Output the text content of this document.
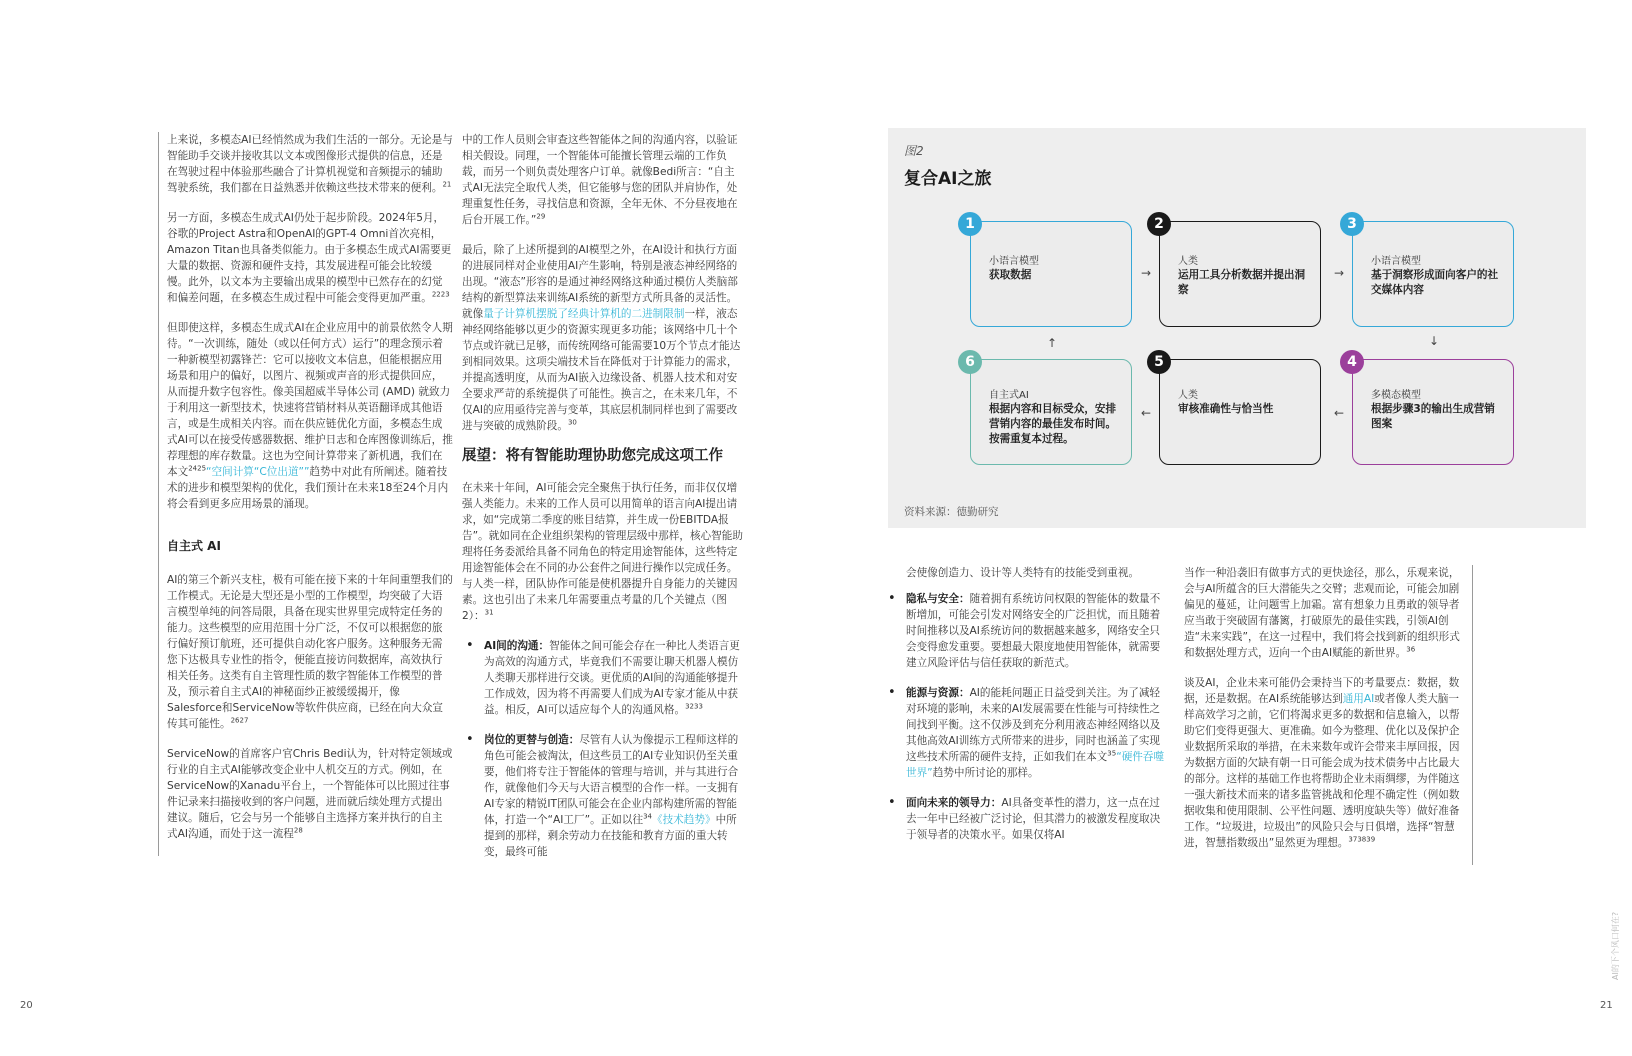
上来说，多模态AI已经悄然成为我们生活的一部分。无论是与智能助手交谈并接收其以文本或图像形式提供的信息，还是在驾驶过程中体验那些融合了计算机视觉和音频提示的辅助驾驶系统，我们都在日益熟悉并依赖这些技术带来的便利。$^{21}$

另一方面，多模态生成式AI仍处于起步阶段。2024年5月，谷歌的Project Astra和OpenAI的GPT-4 Omni首次亮相，Amazon Titan也具备类似能力。由于多模态生成式AI需要更大量的数据、资源和硬件支持，其发展进程可能会比较缓慢。此外，以文本为主要输出成果的模型中已然存在的幻觉和偏差问题，在多模态生成过程中可能会变得更加严重。$^{2223}$

但即使这样，多模态生成式AI在企业应用中的前景依然令人期待。“一次训练，随处（或以任何方式）运行”的理念预示着一种新模型初露锋芒：它可以接收文本信息，但能根据应用场景和用户的偏好，以图片、视频或声音的形式提供回应，从而提升数字包容性。像美国超威半导体公司 (AMD) 就致力于利用这一新型技术，快速将营销材料从英语翻译成其他语言，或是生成相关内容。而在供应链优化方面，多模态生成式AI可以在接受传感器数据、维护日志和仓库图像训练后，推荐理想的库存数量。这也为空间计算带来了新机遇，我们在本文$^{2425}$“空间计算“C位出道””趋势中对此有所阐述。随着技术的进步和模型架构的优化，我们预计在未来18至24个月内将会看到更多应用场景的涌现。

自主式 AI

AI的第三个新兴支柱，极有可能在接下来的十年间重塑我们的工作模式。无论是大型还是小型的工作模型，均突破了大语言模型单纯的问答局限，具备在现实世界里完成特定任务的能力。这些模型的应用范围十分广泛，不仅可以根据您的旅行偏好预订航班，还可提供自动化客户服务。这种服务无需您下达极具专业性的指令，便能直接访问数据库，高效执行相关任务。这类有自主管理性质的数字智能体工作模型的普及，预示着自主式AI的神秘面纱正被缓缓揭开，像Salesforce和ServiceNow等软件供应商，已经在向大众宣传其可能性。$^{2627}$

ServiceNow的首席客户官Chris Bedi认为，针对特定领域或行业的自主式AI能够改变企业中人机交互的方式。例如，在ServiceNow的Xanadu平台上，一个智能体可以比照过往事件记录来扫描接收到的客户问题，进而就后续处理方式提出建议。随后，它会与另一个能够自主选择方案并执行的自主式AI沟通，而处于这一流程$^{28}$

中的工作人员则会审查这些智能体之间的沟通内容，以验证相关假设。同理，一个智能体可能擅长管理云端的工作负载，而另一个则负责处理客户订单。就像Bedi所言：“自主式AI无法完全取代人类，但它能够与您的团队并肩协作，处理重复性任务，寻找信息和资源，全年无休、不分昼夜地在后台开展工作。”$^{29}$

最后，除了上述所提到的AI模型之外，在AI设计和执行方面的进展同样对企业使用AI产生影响，特别是液态神经网络的出现。“液态”形容的是通过神经网络这种通过模仿人类脑部结构的新型算法来训练AI系统的新型方式所具备的灵活性。就像量子计算机摆脱了经典计算机的二进制限制一样，液态神经网络能够以更少的资源实现更多功能；该网络中几十个节点或许就已足够，而传统网络可能需要10万个节点才能达到相同效果。这项尖端技术旨在降低对于计算能力的需求，并提高透明度，从而为AI嵌入边缘设备、机器人技术和对安全要求严苛的系统提供了可能性。换言之，在未来几年，不仅AI的应用亟待完善与变革，其底层机制同样也到了需要改进与突破的成熟阶段。$^{30}$

展望：将有智能助理协助您完成这项工作

在未来十年间，AI可能会完全聚焦于执行任务，而非仅仅增强人类能力。未来的工作人员可以用简单的语言向AI提出请求，如“完成第二季度的账目结算，并生成一份EBITDA报告”。就如同在企业组织架构的管理层级中那样，核心智能助理将任务委派给具备不同角色的特定用途智能体，这些特定用途智能体会在不同的办公套件之间进行操作以完成任务。与人类一样，团队协作可能是使机器提升自身能力的关键因素。这也引出了未来几年需要重点考量的几个关键点（图2）：$^{31}$

• AI间的沟通：智能体之间可能会存在一种比人类语言更为高效的沟通方式，毕竟我们不需要让聊天机器人模仿人类聊天那样进行交谈。更优质的AI间的沟通能够提升工作成效，因为将不再需要人们成为AI专家才能从中获益。相反，AI可以适应每个人的沟通风格。$^{3233}$
• 岗位的更替与创造：尽管有人认为像提示工程师这样的角色可能会被淘汰，但这些员工的AI专业知识仍至关重要，他们将专注于智能体的管理与培训，并与其进行合作，就像他们今天与大语言模型的合作一样。一支拥有AI专家的精锐IT团队可能会在企业内部构建所需的智能体，打造一个“AI工厂”。正如以往$^{34}$《技术趋势》中所提到的那样，剩余劳动力在技能和教育方面的重大转变，最终可能
图2
复合AI之旅
小语言模型
获取数据
1
→
人类
运用工具分析数据并提出洞察
2
→
小语言模型
基于洞察形成面向客户的社交媒体内容
3
↓
↑
自主式AI
根据内容和目标受众，安排营销内容的最佳发布时间。按需重复本过程。
6
←
人类
审核准确性与恰当性
5
←
多模态模型
根据步骤3的输出生成营销图案
4
资料来源：德勤研究

会使像创造力、设计等人类特有的技能受到重视。

• 隐私与安全：随着拥有系统访问权限的智能体的数量不断增加，可能会引发对网络安全的广泛担忧，而且随着时间推移以及AI系统访问的数据越来越多，网络安全只会变得愈发重要。要想最大限度地使用智能体，就需要建立风险评估与信任获取的新范式。
• 能源与资源：AI的能耗问题正日益受到关注。为了减轻对环境的影响，未来的AI发展需要在性能与可持续性之间找到平衡。这不仅涉及到充分利用液态神经网络以及其他高效AI训练方式所带来的进步，同时也涵盖了实现这些技术所需的硬件支持，正如我们在本文$^{35}$“硬件吞噬世界”趋势中所讨论的那样。
• 面向未来的领导力：AI具备变革性的潜力，这一点在过去一年中已经被广泛讨论，但其潜力的被激发程度取决于领导者的决策水平。如果仅将AI

当作一种沿袭旧有做事方式的更快途径，那么，乐观来说，会与AI所蕴含的巨大潜能失之交臂；悲观而论，可能会加剧偏见的蔓延，让问题雪上加霜。富有想象力且勇敢的领导者应当敢于突破固有藩篱，打破原先的最佳实践，引领AI创造“未来实践”，在这一过程中，我们将会找到新的组织形式和数据处理方式，迈向一个由AI赋能的新世界。$^{36}$

谈及AI，企业未来可能仍会秉持当下的考量要点：数据，数据，还是数据。在AI系统能够达到通用AI或者像人类大脑一样高效学习之前，它们将渴求更多的数据和信息输入，以帮助它们变得更强大、更准确。如今为整理、优化以及保护企业数据所采取的举措，在未来数年或许会带来丰厚回报，因为数据方面的欠缺有朝一日可能会成为技术债务中占比最大的部分。这样的基础工作也将帮助企业未雨绸缪，为伴随这一强大新技术而来的诸多监管挑战和伦理不确定性（例如数据收集和使用限制、公平性问题、透明度缺失等）做好准备工作。“垃圾进，垃圾出”的风险只会与日俱增，选择“智慧进，智慧指数级出”显然更为理想。$^{373839}$

20	21
AI的下个风口何在?
